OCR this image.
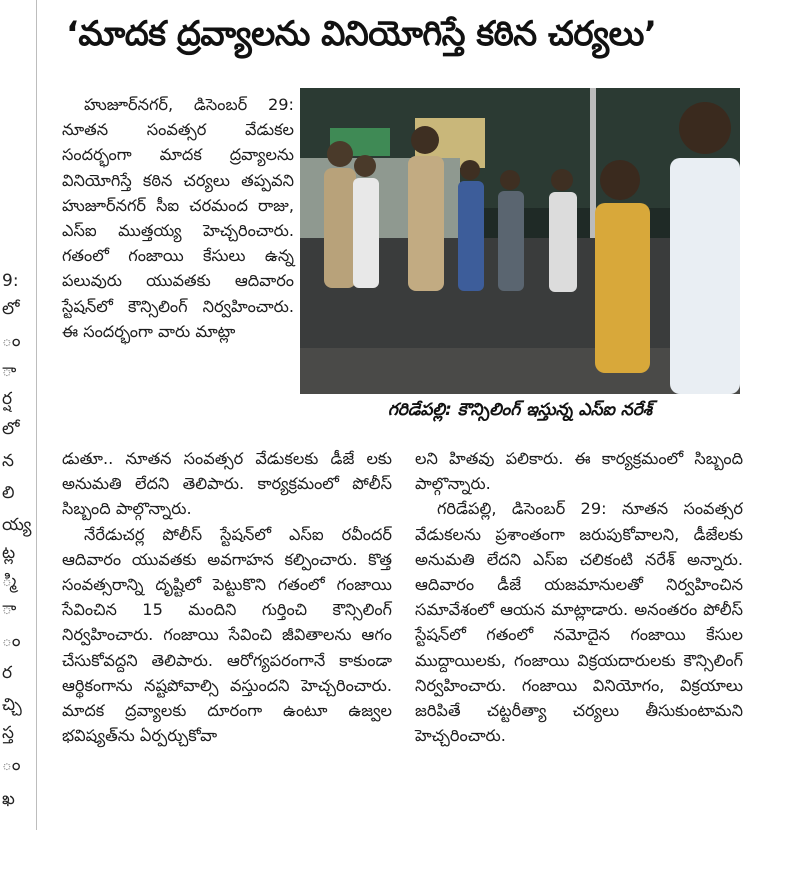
9:
లో
ం
ా
ర్ష
లో
న
లి
య్య
ట్ల
్మి
ా
ం
ర
చ్చి
స్త
ం
ఖ
‘మాదక ద్రవ్యాలను వినియోగిస్తే కఠిన చర్యలు’

హుజూర్‌నగర్, డిసెంబర్ 29: నూతన సంవత్సర వేడుకల సందర్భంగా మాదక ద్రవ్యాలను వినియోగిస్తే కఠిన చర్యలు తప్పవని హుజూర్‌నగర్ సీఐ చరమంద రాజు, ఎస్‌ఐ ముత్తయ్య హెచ్చరించారు. గతంలో గంజాయి కేసులు ఉన్న పలువురు యువతకు ఆదివారం స్టేషన్‌లో కౌన్సిలింగ్ నిర్వహించారు. ఈ సందర్భంగా వారు మాట్లా

గరిడేపల్లి: కౌన్సిలింగ్ ఇస్తున్న ఎస్‌ఐ నరేశ్

డుతూ.. నూతన సంవత్సర వేడుకలకు డీజే లకు అనుమతి లేదని తెలిపారు. కార్యక్రమంలో పోలీస్ సిబ్బంది పాల్గొన్నారు.

నేరేడుచర్ల పోలీస్ స్టేషన్‌లో ఎస్‌ఐ రవీందర్ ఆదివారం యువతకు అవగాహన కల్పించారు. కొత్త సంవత్సరాన్ని దృష్టిలో పెట్టుకొని గతంలో గంజాయి సేవించిన 15 మందిని గుర్తించి కౌన్సిలింగ్ నిర్వహించారు. గంజాయి సేవించి జీవితాలను ఆగం చేసుకోవద్దని తెలిపారు. ఆరోగ్యపరంగానే కాకుండా ఆర్థికంగాను నష్టపోవాల్సి వస్తుందని హెచ్చరించారు. మాదక ద్రవ్యాలకు దూరంగా ఉంటూ ఉజ్వల భవిష్యత్‌ను ఏర్పర్చుకోవా

లని హితవు పలికారు. ఈ కార్యక్రమంలో సిబ్బంది పాల్గొన్నారు.

గరిడేపల్లి, డిసెంబర్ 29: నూతన సంవత్సర వేడుకలను ప్రశాంతంగా జరుపుకోవాలని, డీజేలకు అనుమతి లేదని ఎస్‌ఐ చలికంటి నరేశ్ అన్నారు. ఆదివారం డీజే యజమానులతో నిర్వహించిన సమావేశంలో ఆయన మాట్లాడారు. అనంతరం పోలీస్ స్టేషన్‌లో గతంలో నమోదైన గంజాయి కేసుల ముద్దాయిలకు, గంజాయి విక్రయదారులకు కౌన్సిలింగ్ నిర్వహించారు. గంజాయి వినియోగం, విక్రయాలు జరిపితే చట్టరీత్యా చర్యలు తీసుకుంటామని హెచ్చరించారు.
